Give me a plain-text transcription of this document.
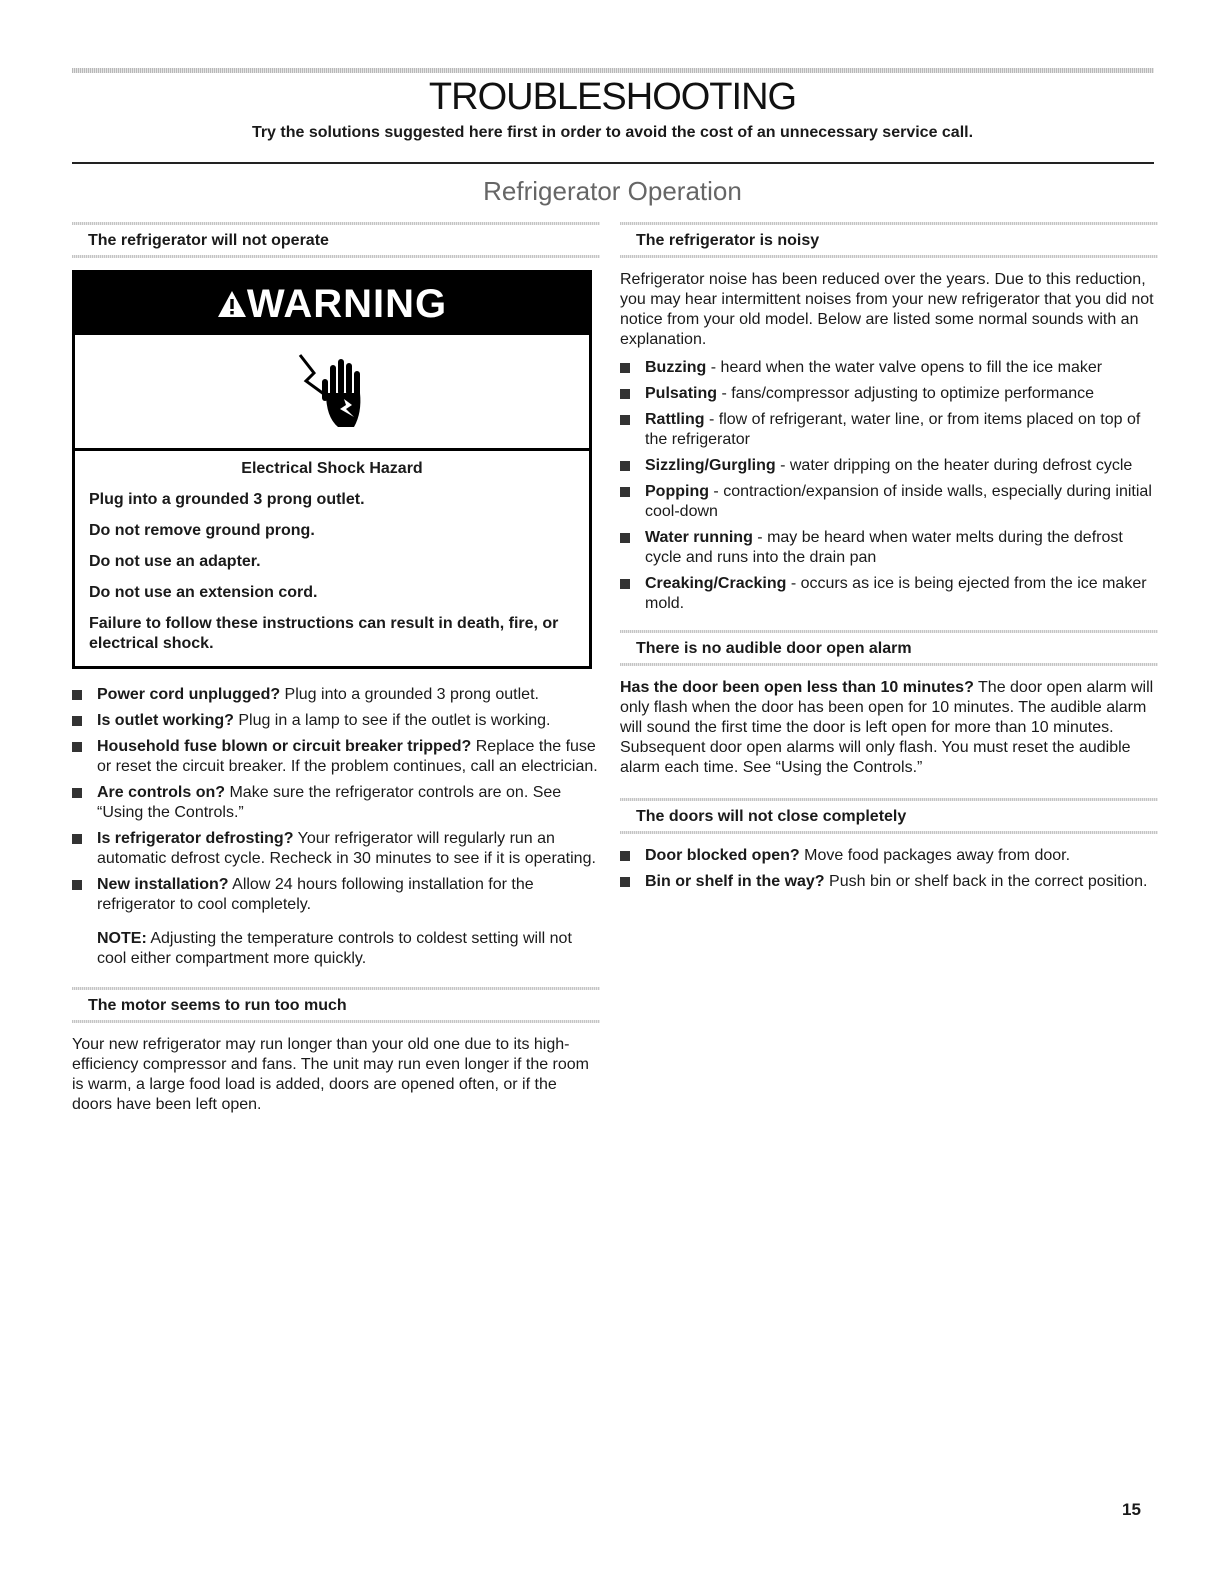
TROUBLESHOOTING

Try the solutions suggested here first in order to avoid the cost of an unnecessary service call.

Refrigerator Operation
The refrigerator will not operate
WARNING
Electrical Shock Hazard
Plug into a grounded 3 prong outlet.
Do not remove ground prong.
Do not use an adapter.
Do not use an extension cord.
Failure to follow these instructions can result in death, fire, or electrical shock.
Power cord unplugged? Plug into a grounded 3 prong outlet.
Is outlet working? Plug in a lamp to see if the outlet is working.
Household fuse blown or circuit breaker tripped? Replace the fuse or reset the circuit breaker. If the problem continues, call an electrician.
Are controls on? Make sure the refrigerator controls are on. See “Using the Controls.”
Is refrigerator defrosting? Your refrigerator will regularly run an automatic defrost cycle. Recheck in 30 minutes to see if it is operating.
New installation? Allow 24 hours following installation for the refrigerator to cool completely.
NOTE: Adjusting the temperature controls to coldest setting will not cool either compartment more quickly.
The motor seems to run too much

Your new refrigerator may run longer than your old one due to its high-efficiency compressor and fans. The unit may run even longer if the room is warm, a large food load is added, doors are opened often, or if the doors have been left open.

The refrigerator is noisy

Refrigerator noise has been reduced over the years. Due to this reduction, you may hear intermittent noises from your new refrigerator that you did not notice from your old model. Below are listed some normal sounds with an explanation.

Buzzing - heard when the water valve opens to fill the ice maker
Pulsating - fans/compressor adjusting to optimize performance
Rattling - flow of refrigerant, water line, or from items placed on top of the refrigerator
Sizzling/Gurgling - water dripping on the heater during defrost cycle
Popping - contraction/expansion of inside walls, especially during initial cool-down
Water running - may be heard when water melts during the defrost cycle and runs into the drain pan
Creaking/Cracking - occurs as ice is being ejected from the ice maker mold.
There is no audible door open alarm

Has the door been open less than 10 minutes? The door open alarm will only flash when the door has been open for 10 minutes. The audible alarm will sound the first time the door is left open for more than 10 minutes. Subsequent door open alarms will only flash. You must reset the audible alarm each time. See “Using the Controls.”

The doors will not close completely
Door blocked open? Move food packages away from door.
Bin or shelf in the way? Push bin or shelf back in the correct position.
15
